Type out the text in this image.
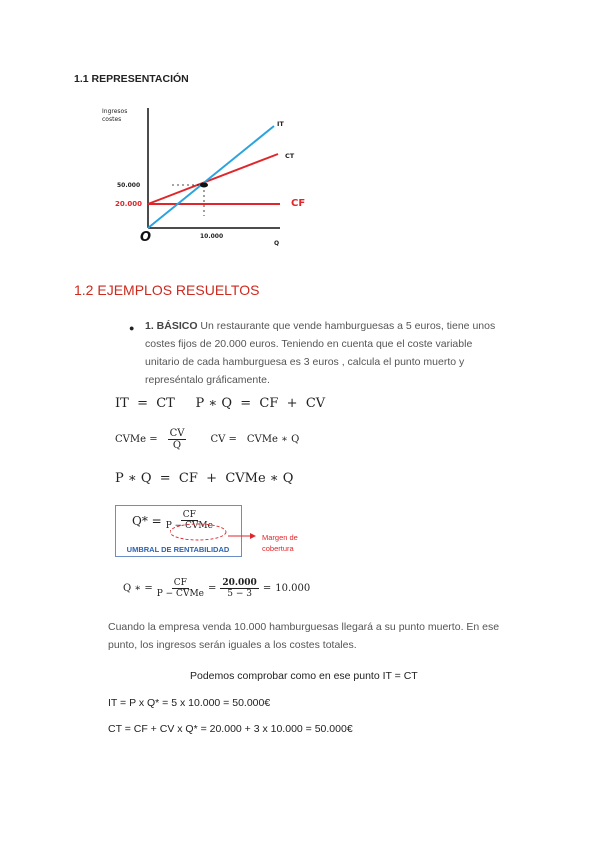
1.1 REPRESENTACIÓN
Ingresos
costes
50.000
20.000
O	10.000
Q
IT
CT
CF
1.2 EJEMPLOS RESUELTOS
● 1. BÁSICO Un restaurante que vende hamburguesas a 5 euros, tiene unos
costes fijos de 20.000 euros. Teniendo en cuenta que el coste variable
unitario de cada hamburguesa es 3 euros , calcula el punto muerto y
represéntalo gráficamente.
IT  =  CT     P ∗ Q  =  CF  +  CV
CVMe = $\frac{CV}{Q}$ CV = CVMe ∗ Q
P ∗ Q  =  CF  +  CVMe ∗ Q
$Q* = \frac{CF}{\text{P − CVMe}}$
Margen de
cobertura
UMBRAL DE RENTABILIDAD
Q ∗ = $\frac{CF}{\text{P − CVMe}} = \frac{20.000}{5 - 3} = 10.000$
Cuando la empresa venda 10.000 hamburguesas llegará a su punto muerto. En ese
punto, los ingresos serán iguales a los costes totales.
Podemos comprobar como en ese punto IT = CT
IT = P x Q* = 5 x 10.000 = 50.000€
CT = CF + CV x Q* = 20.000 + 3 x 10.000 = 50.000€
